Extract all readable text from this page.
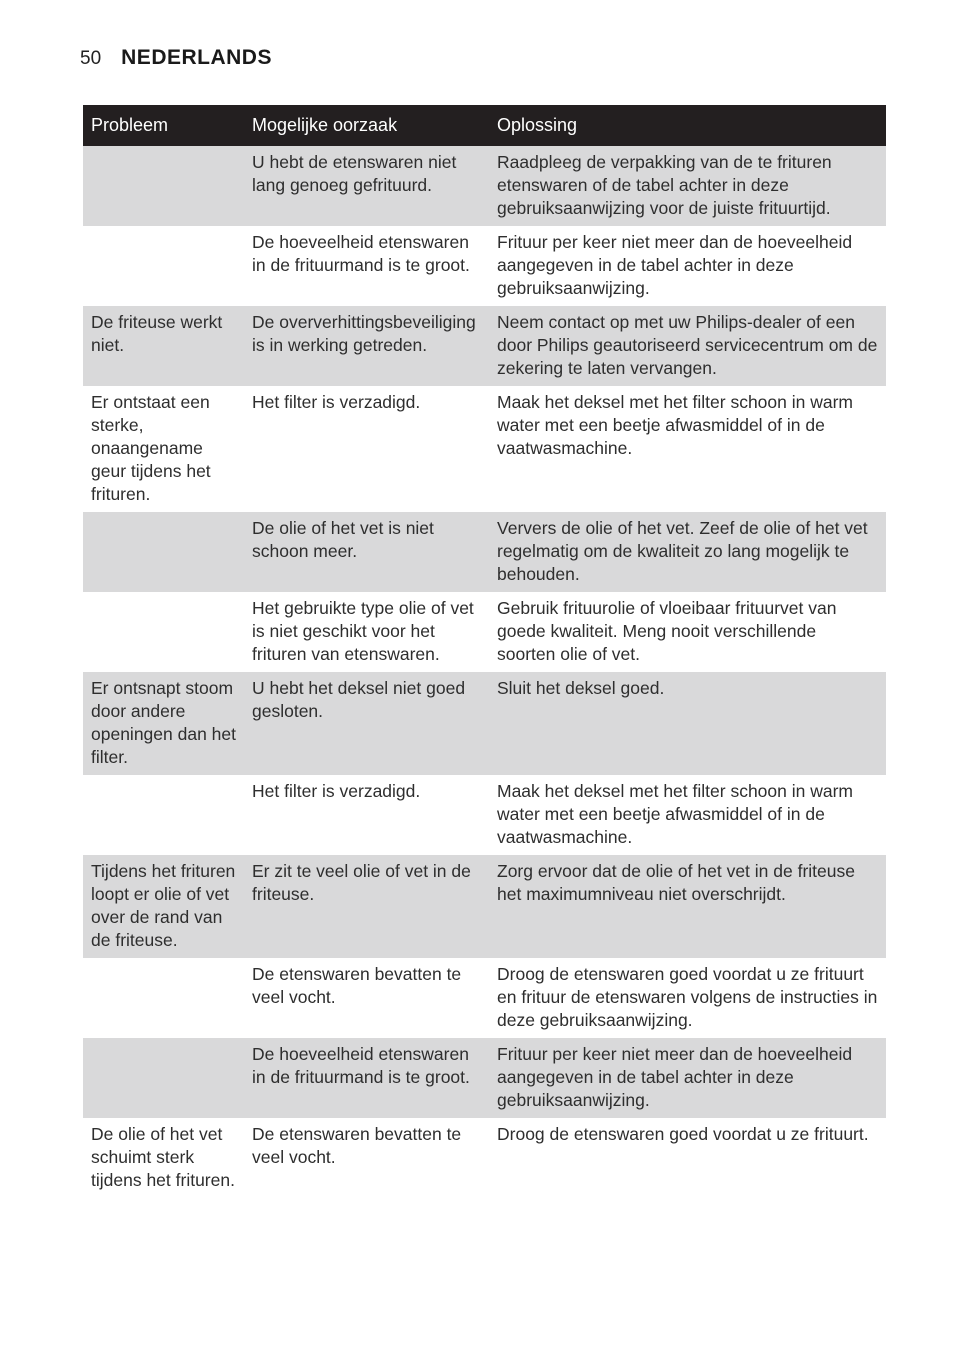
50 NEDERLANDS
Probleem	Mogelijke oorzaak	Oplossing
	U hebt de etenswaren niet lang genoeg gefrituurd.	Raadpleeg de verpakking van de te frituren etenswaren of de tabel achter in deze gebruiksaanwijzing voor de juiste frituurtijd.
	De hoeveelheid etenswaren in de frituurmand is te groot.	Frituur per keer niet meer dan de hoeveelheid aangegeven in de tabel achter in deze gebruiksaanwijzing.
De friteuse werkt niet.	De oververhittingsbeveiliging is in werking getreden.	Neem contact op met uw Philips-dealer of een door Philips geautoriseerd servicecentrum om de zekering te laten vervangen.
Er ontstaat een sterke, onaangename geur tijdens het frituren.	Het filter is verzadigd.	Maak het deksel met het filter schoon in warm water met een beetje afwasmiddel of in de vaatwasmachine.
	De olie of het vet is niet schoon meer.	Ververs de olie of het vet. Zeef de olie of het vet regelmatig om de kwaliteit zo lang mogelijk te behouden.
	Het gebruikte type olie of vet is niet geschikt voor het frituren van etenswaren.	Gebruik frituurolie of vloeibaar frituurvet van goede kwaliteit. Meng nooit verschillende soorten olie of vet.
Er ontsnapt stoom door andere openingen dan het filter.	U hebt het deksel niet goed gesloten.	Sluit het deksel goed.
	Het filter is verzadigd.	Maak het deksel met het filter schoon in warm water met een beetje afwasmiddel of in de vaatwasmachine.
Tijdens het frituren loopt er olie of vet over de rand van de friteuse.	Er zit te veel olie of vet in de friteuse.	Zorg ervoor dat de olie of het vet in de friteuse het maximumniveau niet overschrijdt.
	De etenswaren bevatten te veel vocht.	Droog de etenswaren goed voordat u ze frituurt en frituur de etenswaren volgens de instructies in deze gebruiksaanwijzing.
	De hoeveelheid etenswaren in de frituurmand is te groot.	Frituur per keer niet meer dan de hoeveelheid aangegeven in de tabel achter in deze gebruiksaanwijzing.
De olie of het vet schuimt sterk tijdens het frituren.	De etenswaren bevatten te veel vocht.	Droog de etenswaren goed voordat u ze frituurt.
